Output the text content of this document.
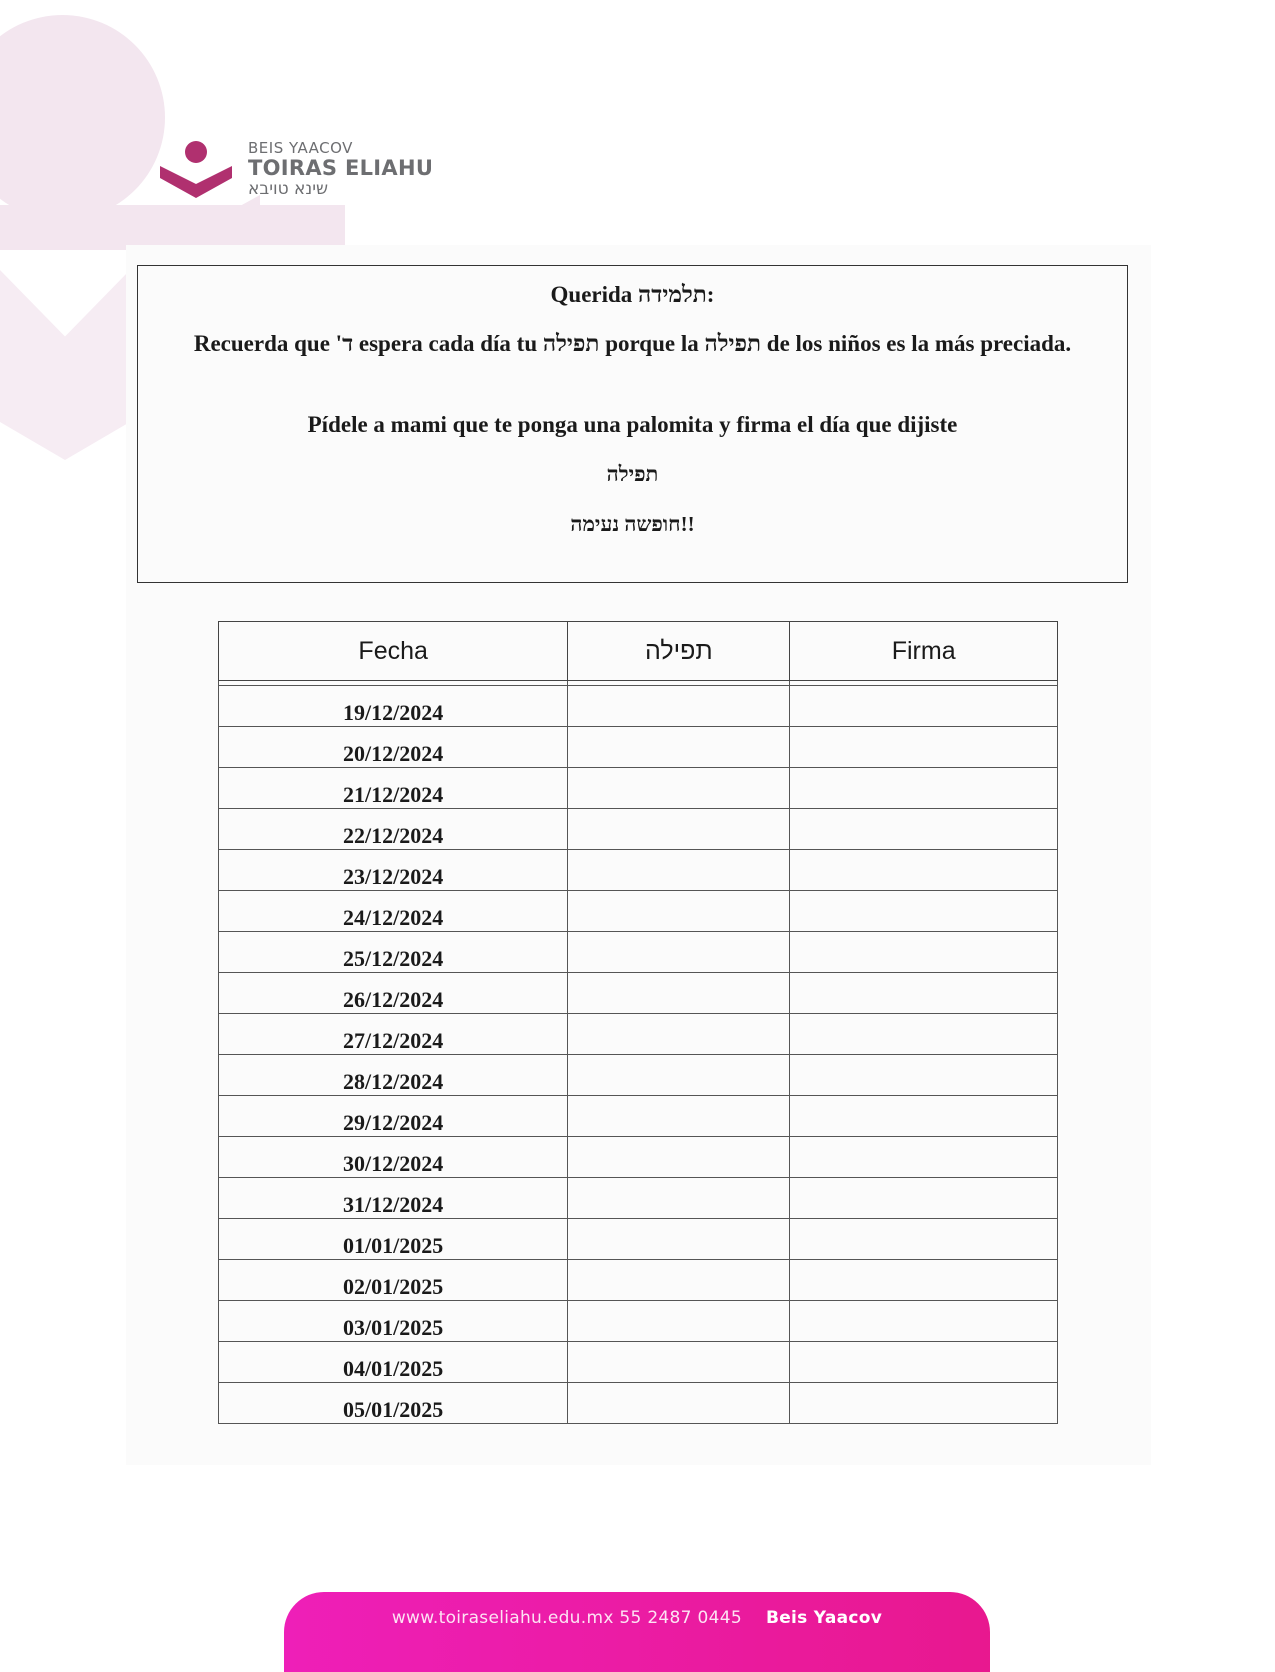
BEIS YAACOV
TOIRAS ELIAHU
שינא טויבא
Querida תלמידה:
Recuerda que 'ד espera cada día tu תפילה porque la תפילה de los niños es la más preciada.
Pídele a mami que te ponga una palomita y firma el día que dijiste
תפילה
חופשה נעימה!!
Fecha	תפילה	Firma

19/12/2024		
20/12/2024		
21/12/2024		
22/12/2024		
23/12/2024		
24/12/2024		
25/12/2024		
26/12/2024		
27/12/2024		
28/12/2024		
29/12/2024		
30/12/2024		
31/12/2024		
01/01/2025		
02/01/2025		
03/01/2025		
04/01/2025		
05/01/2025		
www.toiraseliahu.edu.mx 55 2487 0445 Beis Yaacov
